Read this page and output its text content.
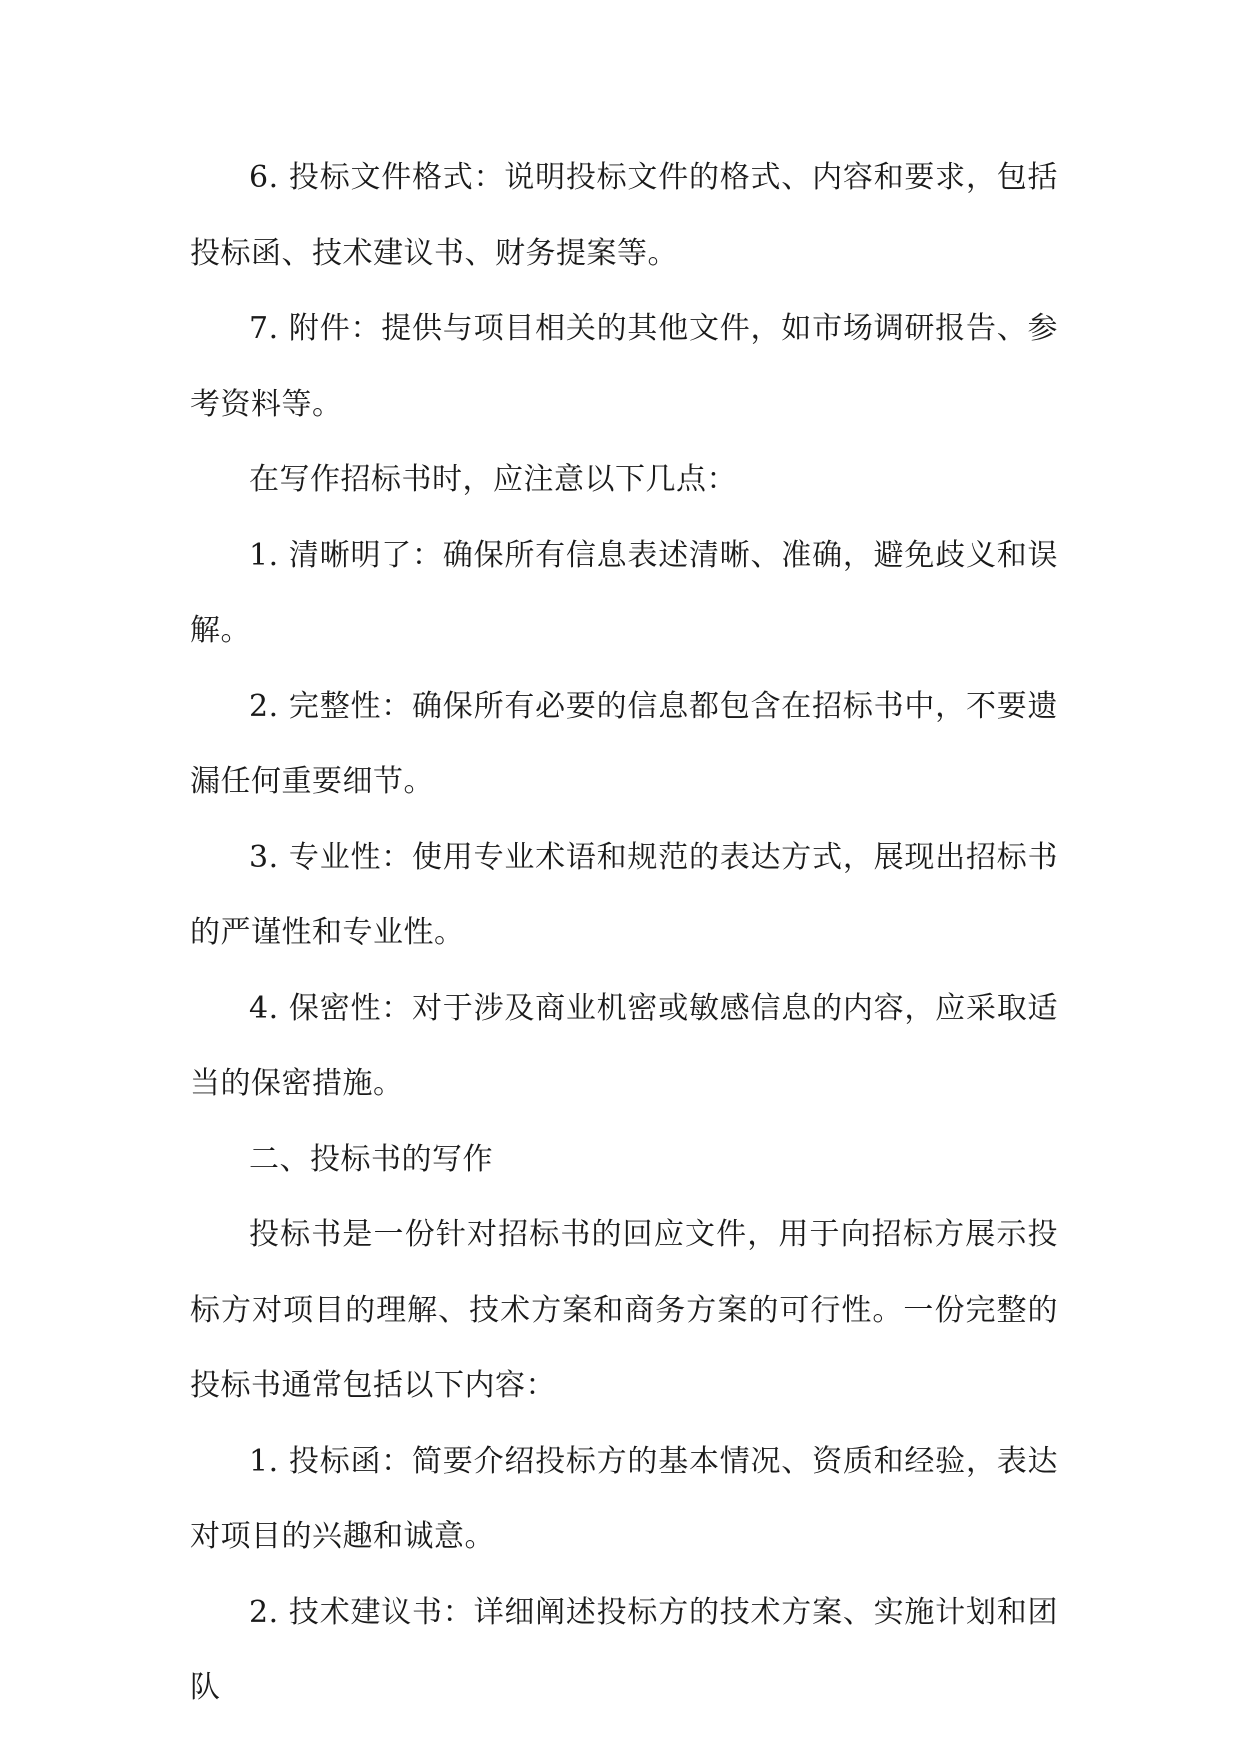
6. 投标文件格式：说明投标文件的格式、内容和要求，包括投标函、技术建议书、财务提案等。

7. 附件：提供与项目相关的其他文件，如市场调研报告、参考资料等。

在写作招标书时，应注意以下几点：

1. 清晰明了：确保所有信息表述清晰、准确，避免歧义和误解。

2. 完整性：确保所有必要的信息都包含在招标书中，不要遗漏任何重要细节。

3. 专业性：使用专业术语和规范的表达方式，展现出招标书的严谨性和专业性。

4. 保密性：对于涉及商业机密或敏感信息的内容，应采取适当的保密措施。

二、投标书的写作

投标书是一份针对招标书的回应文件，用于向招标方展示投标方对项目的理解、技术方案和商务方案的可行性。一份完整的投标书通常包括以下内容：

1. 投标函：简要介绍投标方的基本情况、资质和经验，表达对项目的兴趣和诚意。

2. 技术建议书：详细阐述投标方的技术方案、实施计划和团队
